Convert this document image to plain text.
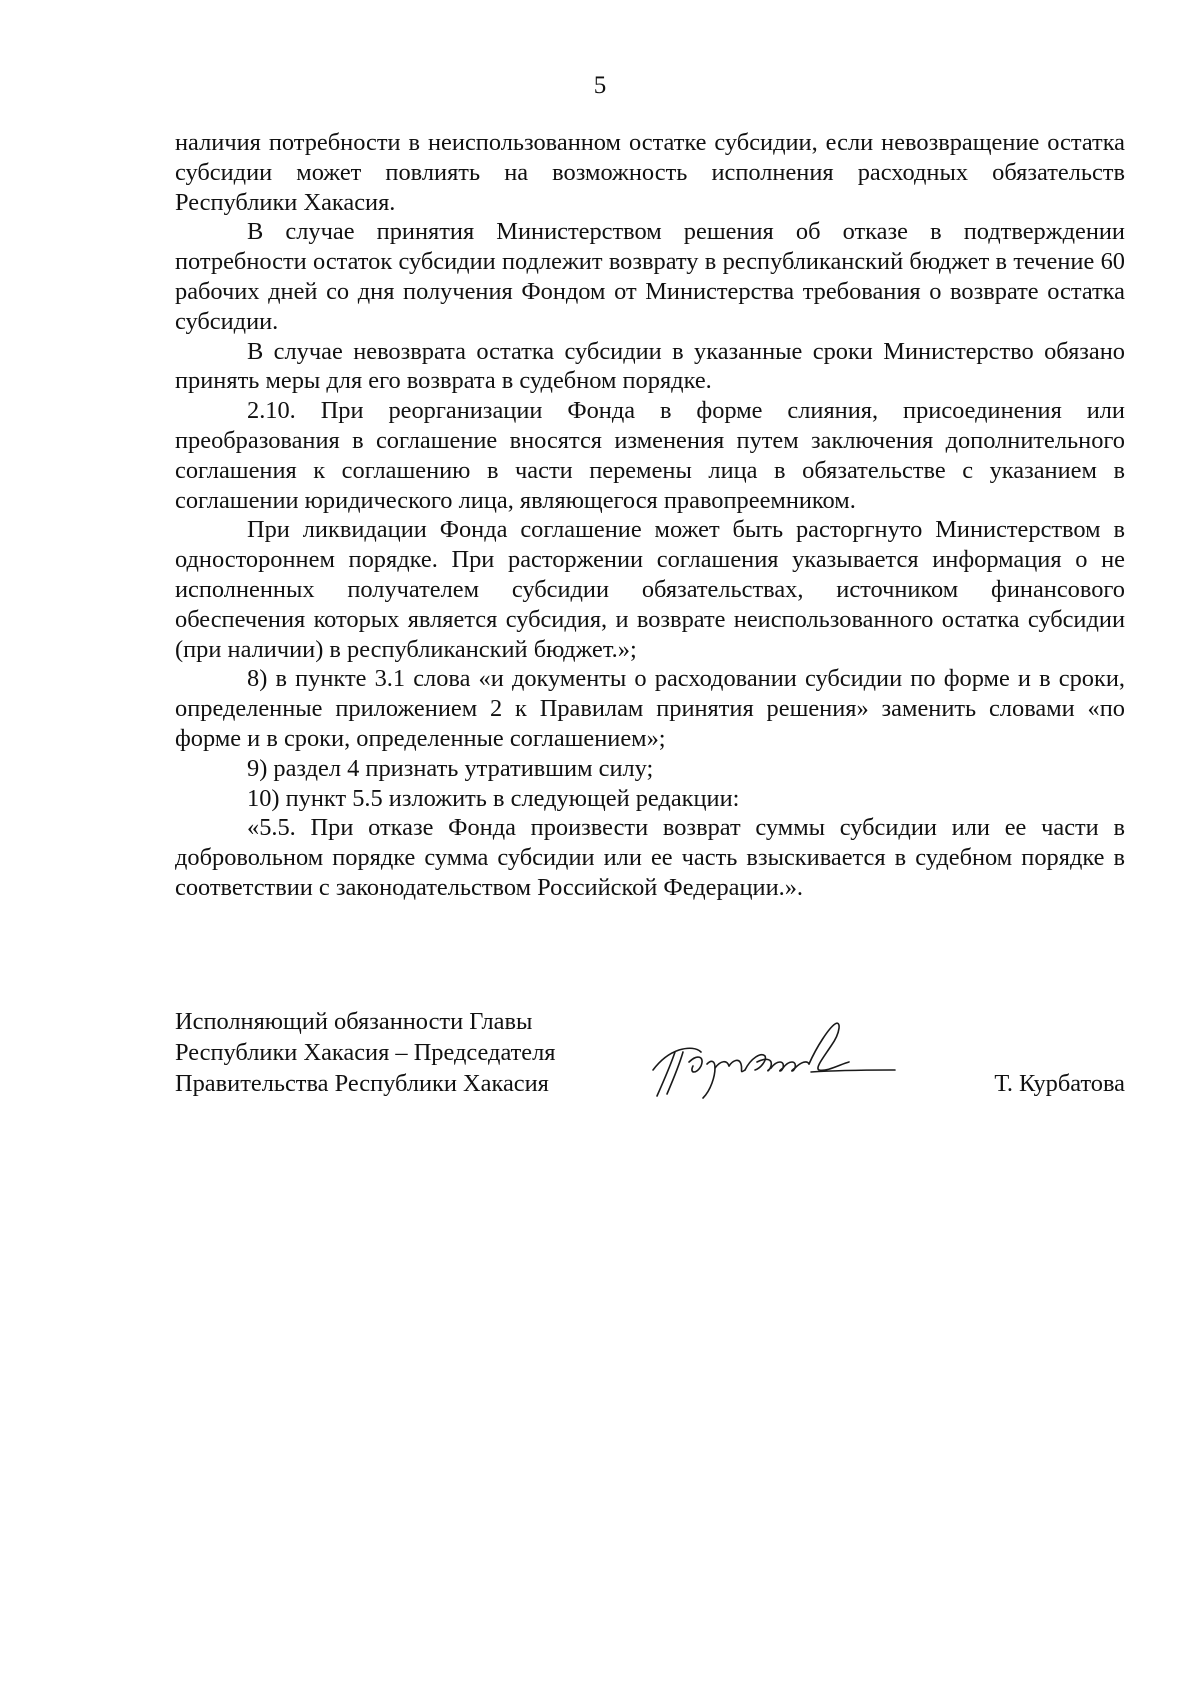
5

наличия потребности в неиспользованном остатке субсидии, если невозвращение остатка субсидии может повлиять на возможность исполнения расходных обязательств Республики Хакасия.

В случае принятия Министерством решения об отказе в подтверждении потребности остаток субсидии подлежит возврату в республиканский бюджет в течение 60 рабочих дней со дня получения Фондом от Министерства требования о возврате остатка субсидии.

В случае невозврата остатка субсидии в указанные сроки Министерство обязано принять меры для его возврата в судебном порядке.

2.10. При реорганизации Фонда в форме слияния, присоединения или преобразования в соглашение вносятся изменения путем заключения дополнительного соглашения к соглашению в части перемены лица в обязательстве с указанием в соглашении юридического лица, являющегося правопреемником.

При ликвидации Фонда соглашение может быть расторгнуто Министерством в одностороннем порядке. При расторжении соглашения указывается информация о не исполненных получателем субсидии обязательствах, источником финансового обеспечения которых является субсидия, и возврате неиспользованного остатка субсидии (при наличии) в республиканский бюджет.»;

8) в пункте 3.1 слова «и документы о расходовании субсидии по форме и в сроки, определенные приложением 2 к Правилам принятия решения» заменить словами «по форме и в сроки, определенные соглашением»;

9) раздел 4 признать утратившим силу;

10) пункт 5.5 изложить в следующей редакции:

«5.5. При отказе Фонда произвести возврат суммы субсидии или ее части в добровольном порядке сумма субсидии или ее часть взыскивается в судебном порядке в соответствии с законодательством Российской Федерации.».

Исполняющий обязанности Главы
Республики Хакасия – Председателя
Правительства Республики Хакасия	Т. Курбатова
